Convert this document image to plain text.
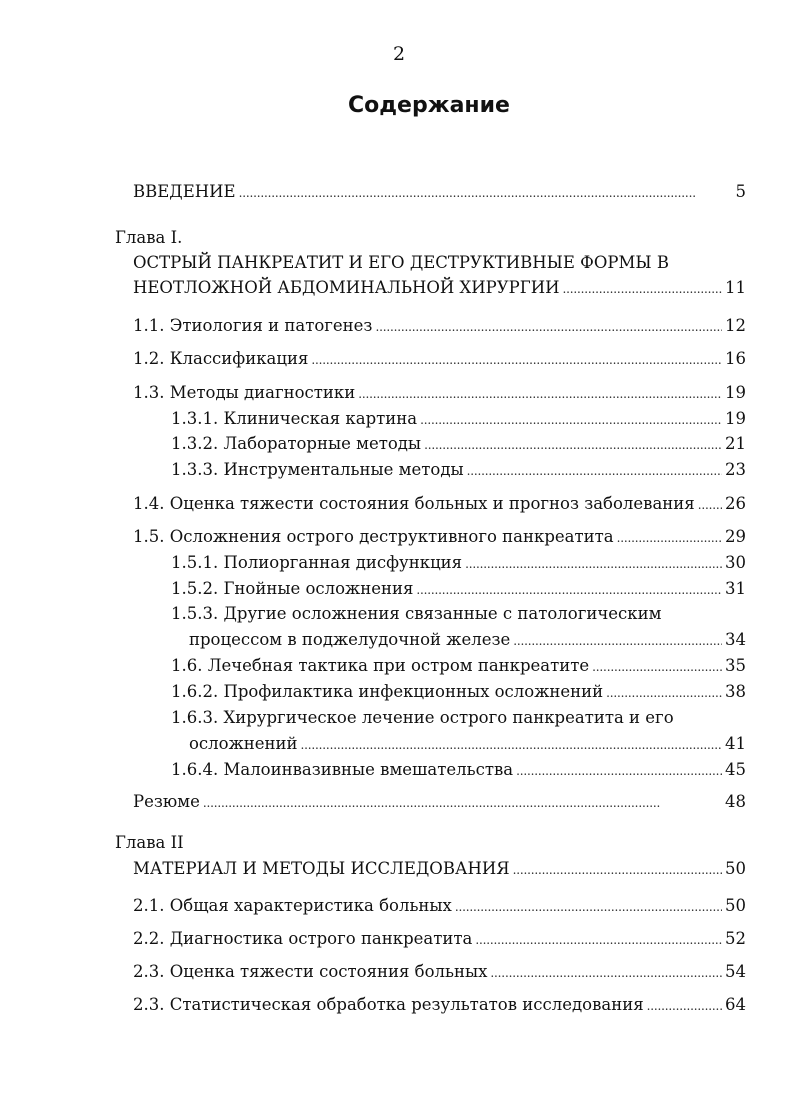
2
Содержание
ВВЕДЕНИЕ . . .	5
Глава I.
ОСТРЫЙ ПАНКРЕАТИТ И ЕГО ДЕСТРУКТИВНЫЕ ФОРМЫ В
НЕОТЛОЖНОЙ АБДОМИНАЛЬНОЙ ХИРУРГИИ . . .	11
1.1. Этиология и патогенез . . .	12
1.2. Классификация . . .	16
1.3. Методы диагностики . . .	19
1.3.1. Клиническая картина . . .	19
1.3.2. Лабораторные методы . . .	21
1.3.3. Инструментальные методы . . .	23
1.4. Оценка тяжести состояния больных и прогноз заболевания . . . 26
1.5. Осложнения острого деструктивного панкреатита . . .	29
1.5.1. Полиорганная дисфункция . . .	30
1.5.2. Гнойные осложнения . . .	31
1.5.3. Другие осложнения связанные с патологическим
процессом в поджелудочной железе . . .	34
1.6. Лечебная тактика при остром панкреатите . . .	35
1.6.2. Профилактика инфекционных осложнений . . .	38
1.6.3. Хирургическое лечение острого панкреатита и его
осложнений . . .	41
1.6.4. Малоинвазивные вмешательства . . .	45
Резюме . . .	48
Глава II
МАТЕРИАЛ И МЕТОДЫ ИССЛЕДОВАНИЯ . . .	50
2.1. Общая характеристика больных . . .	50
2.2. Диагностика острого панкреатита . . .	52
2.3. Оценка тяжести состояния больных . . .	54
2.3. Статистическая обработка результатов исследования . . .	64
